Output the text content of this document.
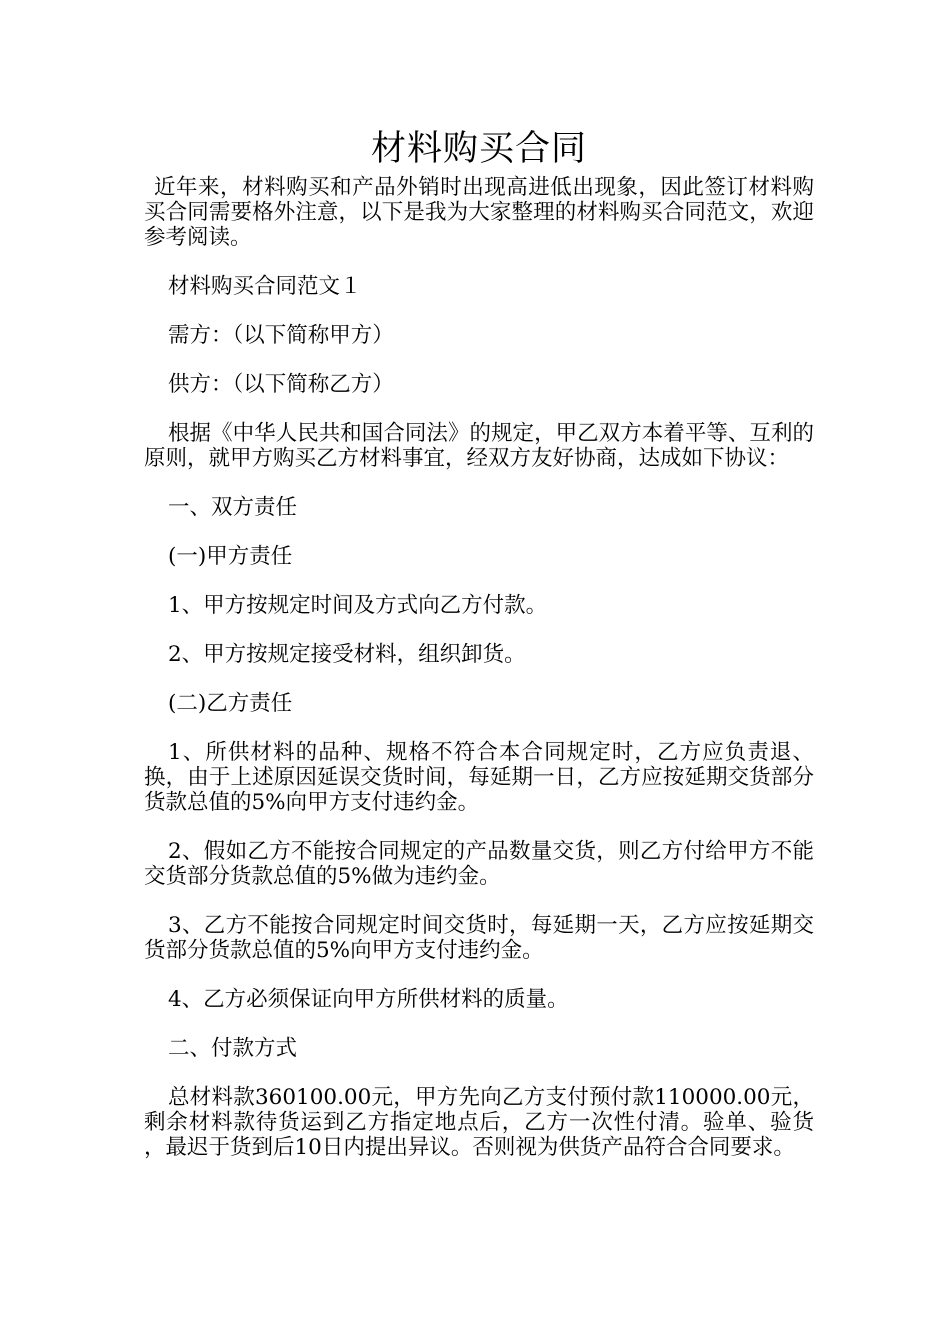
材料购买合同

近年来，材料购买和产品外销时出现高进低出现象，因此签订材料购买合同需要格外注意，以下是我为大家整理的材料购买合同范文，欢迎参考阅读。

材料购买合同范文１

需方：（以下简称甲方）

供方：（以下简称乙方）

根据《中华人民共和国合同法》的规定，甲乙双方本着平等、互利的原则，就甲方购买乙方材料事宜，经双方友好协商，达成如下协议：

一、双方责任

(一)甲方责任

1、甲方按规定时间及方式向乙方付款。

2、甲方按规定接受材料，组织卸货。

(二)乙方责任

1、所供材料的品种、规格不符合本合同规定时，乙方应负责退、换，由于上述原因延误交货时间，每延期一日，乙方应按延期交货部分货款总值的5%向甲方支付违约金。

2、假如乙方不能按合同规定的产品数量交货，则乙方付给甲方不能交货部分货款总值的5%做为违约金。

3、乙方不能按合同规定时间交货时，每延期一天，乙方应按延期交货部分货款总值的5%向甲方支付违约金。

4、乙方必须保证向甲方所供材料的质量。

二、付款方式

总材料款360100.00元，甲方先向乙方支付预付款110000.00元，剩余材料款待货运到乙方指定地点后，乙方一次性付清。验单、验货 ，最迟于货到后10日内提出异议。否则视为供货产品符合合同要求。
